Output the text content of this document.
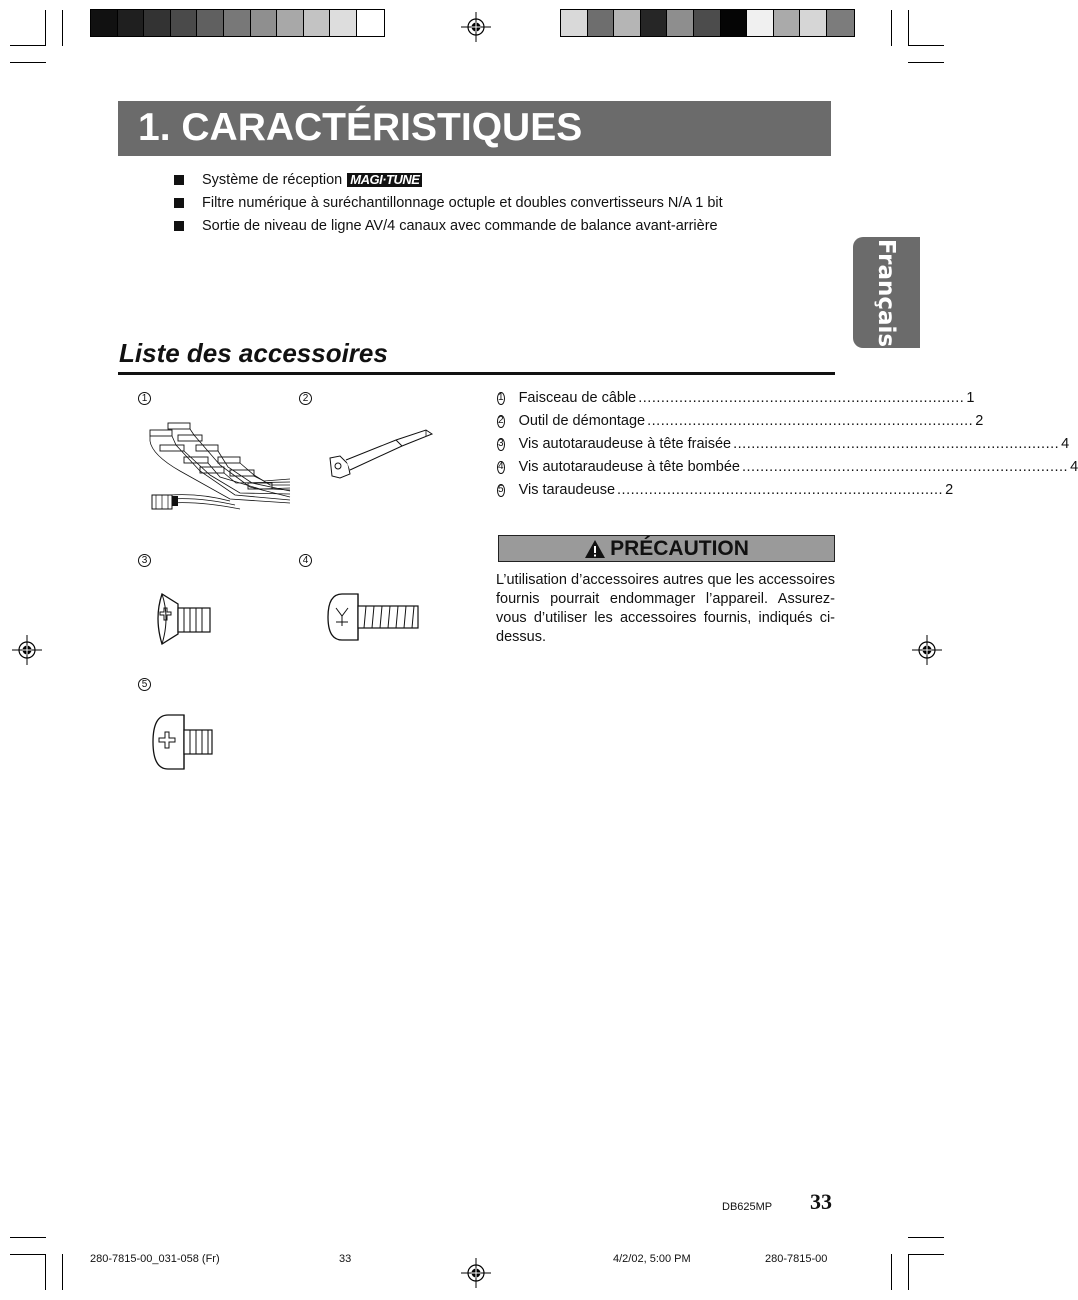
1. CARACTÉRISTIQUES
Système de réception MAGI·TUNE
Filtre numérique à suréchantillonnage octuple et doubles convertisseurs N/A 1 bit
Sortie de niveau de ligne AV/4 canaux avec commande de balance avant-arrière
Français
Liste des accessoires
1	2
3	4
5
1 Faisceau de câble ........................................................................ 1
2 Outil de démontage ........................................................................ 2
3 Vis autotaraudeuse à tête fraisée ........................................................................ 4
4 Vis autotaraudeuse à tête bombée ........................................................................ 4
5 Vis taraudeuse ........................................................................ 2
PRÉCAUTION
L’utilisation d’accessoires autres que les accessoires fournis pourrait endommager l’appareil. Assurez-vous d’utiliser les accessoires fournis, indiqués ci-dessus.
DB625MP 33
280-7815-00_031-058 (Fr)	33	4/2/02, 5:00 PM	280-7815-00
